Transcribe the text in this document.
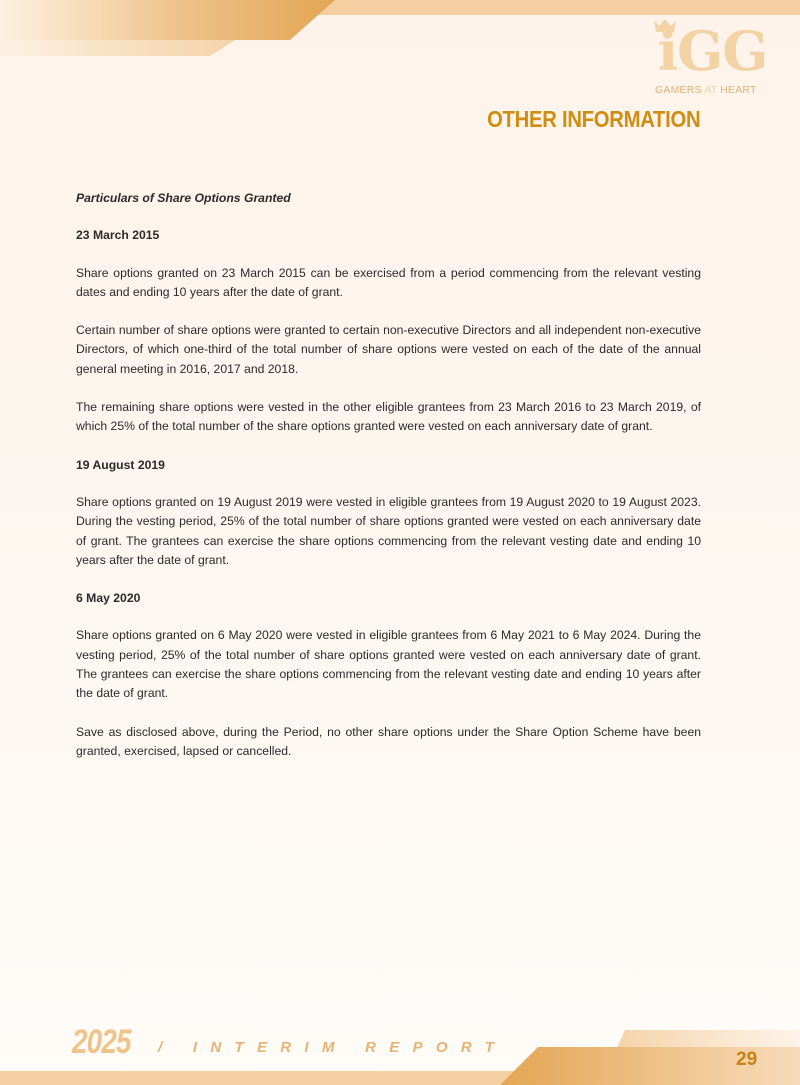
iGG
GAMERS AT HEART
OTHER INFORMATION
Particulars of Share Options Granted
23 March 2015

Share options granted on 23 March 2015 can be exercised from a period commencing from the relevant vesting dates and ending 10 years after the date of grant.

Certain number of share options were granted to certain non-executive Directors and all independent non-executive Directors, of which one-third of the total number of share options were vested on each of the date of the annual general meeting in 2016, 2017 and 2018.

The remaining share options were vested in the other eligible grantees from 23 March 2016 to 23 March 2019, of which 25% of the total number of the share options granted were vested on each anniversary date of grant.

19 August 2019

Share options granted on 19 August 2019 were vested in eligible grantees from 19 August 2020 to 19 August 2023. During the vesting period, 25% of the total number of share options granted were vested on each anniversary date of grant. The grantees can exercise the share options commencing from the relevant vesting date and ending 10 years after the date of grant.

6 May 2020

Share options granted on 6 May 2020 were vested in eligible grantees from 6 May 2021 to 6 May 2024. During the vesting period, 25% of the total number of share options granted were vested on each anniversary date of grant. The grantees can exercise the share options commencing from the relevant vesting date and ending 10 years after the date of grant.

Save as disclosed above, during the Period, no other share options under the Share Option Scheme have been granted, exercised, lapsed or cancelled.

2025 / INTERIM REPORT
29
